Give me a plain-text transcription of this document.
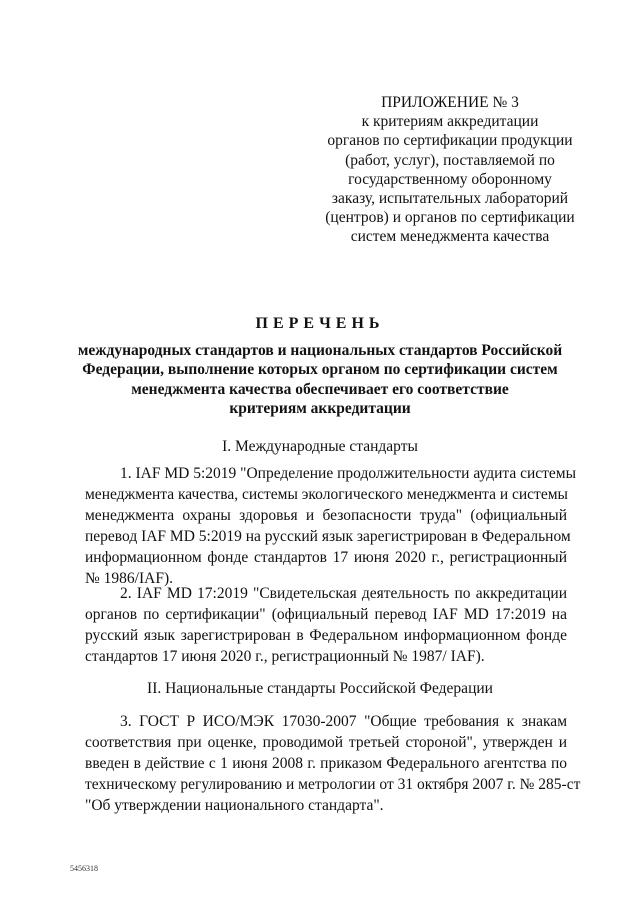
ПРИЛОЖЕНИЕ № 3
к критериям аккредитации
органов по сертификации продукции
(работ, услуг), поставляемой по
государственному оборонному
заказу, испытательных лабораторий
(центров) и органов по сертификации
систем менеджмента качества
ПЕРЕЧЕНЬ
международных стандартов и национальных стандартов Российской
Федерации, выполнение которых органом по сертификации систем
менеджмента качества обеспечивает его соответствие
критериям аккредитации
I. Международные стандарты
1. IAF MD 5:2019 "Определение продолжительности аудита системы
менеджмента качества, системы экологического менеджмента и системы
менеджмента охраны здоровья и безопасности труда" (официальный
перевод IAF MD 5:2019 на русский язык зарегистрирован в Федеральном
информационном фонде стандартов 17 июня 2020 г., регистрационный
№ 1986/IAF).
2. IAF MD 17:2019 "Свидетельская деятельность по аккредитации
органов по сертификации" (официальный перевод IAF MD 17:2019 на
русский язык зарегистрирован в Федеральном информационном фонде
стандартов 17 июня 2020 г., регистрационный № 1987/ IAF).
II. Национальные стандарты Российской Федерации
3. ГОСТ Р ИСО/МЭК 17030-2007 "Общие требования к знакам
соответствия при оценке, проводимой третьей стороной", утвержден и
введен в действие с 1 июня 2008 г. приказом Федерального агентства по
техническому регулированию и метрологии от 31 октября 2007 г. № 285-ст
"Об утверждении национального стандарта".
5456318
